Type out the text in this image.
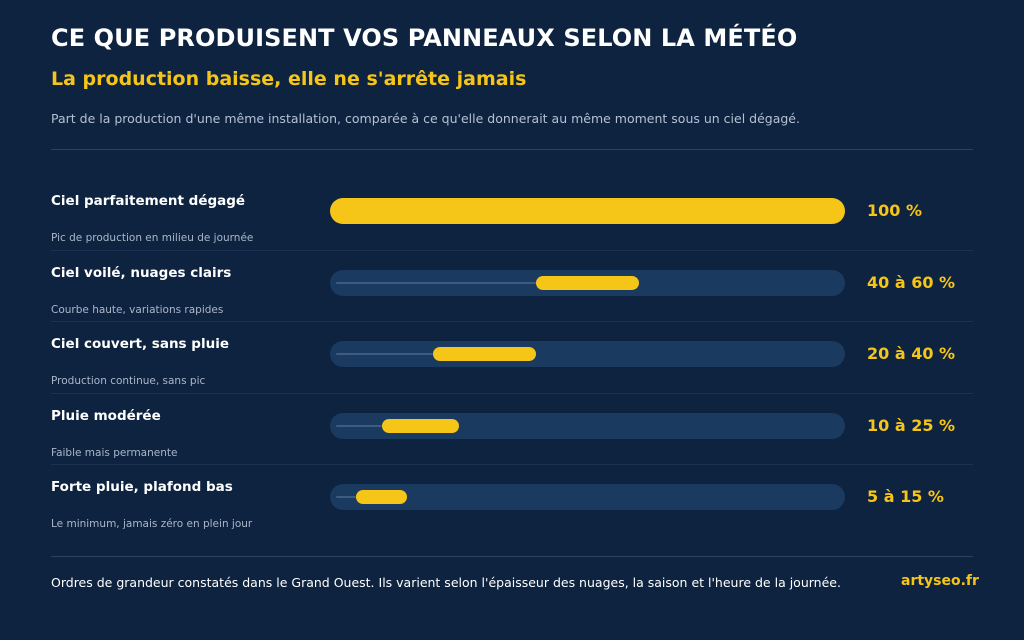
CE QUE PRODUISENT VOS PANNEAUX SELON LA MÉTÉO
La production baisse, elle ne s'arrête jamais
Part de la production d'une même installation, comparée à ce qu'elle donnerait au même moment sous un ciel dégagé.
Ciel parfaitement dégagé
Pic de production en milieu de journée
100 %
Ciel voilé, nuages clairs
Courbe haute, variations rapides
40 à 60 %
Ciel couvert, sans pluie
Production continue, sans pic
20 à 40 %
Pluie modérée
Faible mais permanente
10 à 25 %
Forte pluie, plafond bas
Le minimum, jamais zéro en plein jour
5 à 15 %
Ordres de grandeur constatés dans le Grand Ouest. Ils varient selon l'épaisseur des nuages, la saison et l'heure de la journée.	artyseo.fr
